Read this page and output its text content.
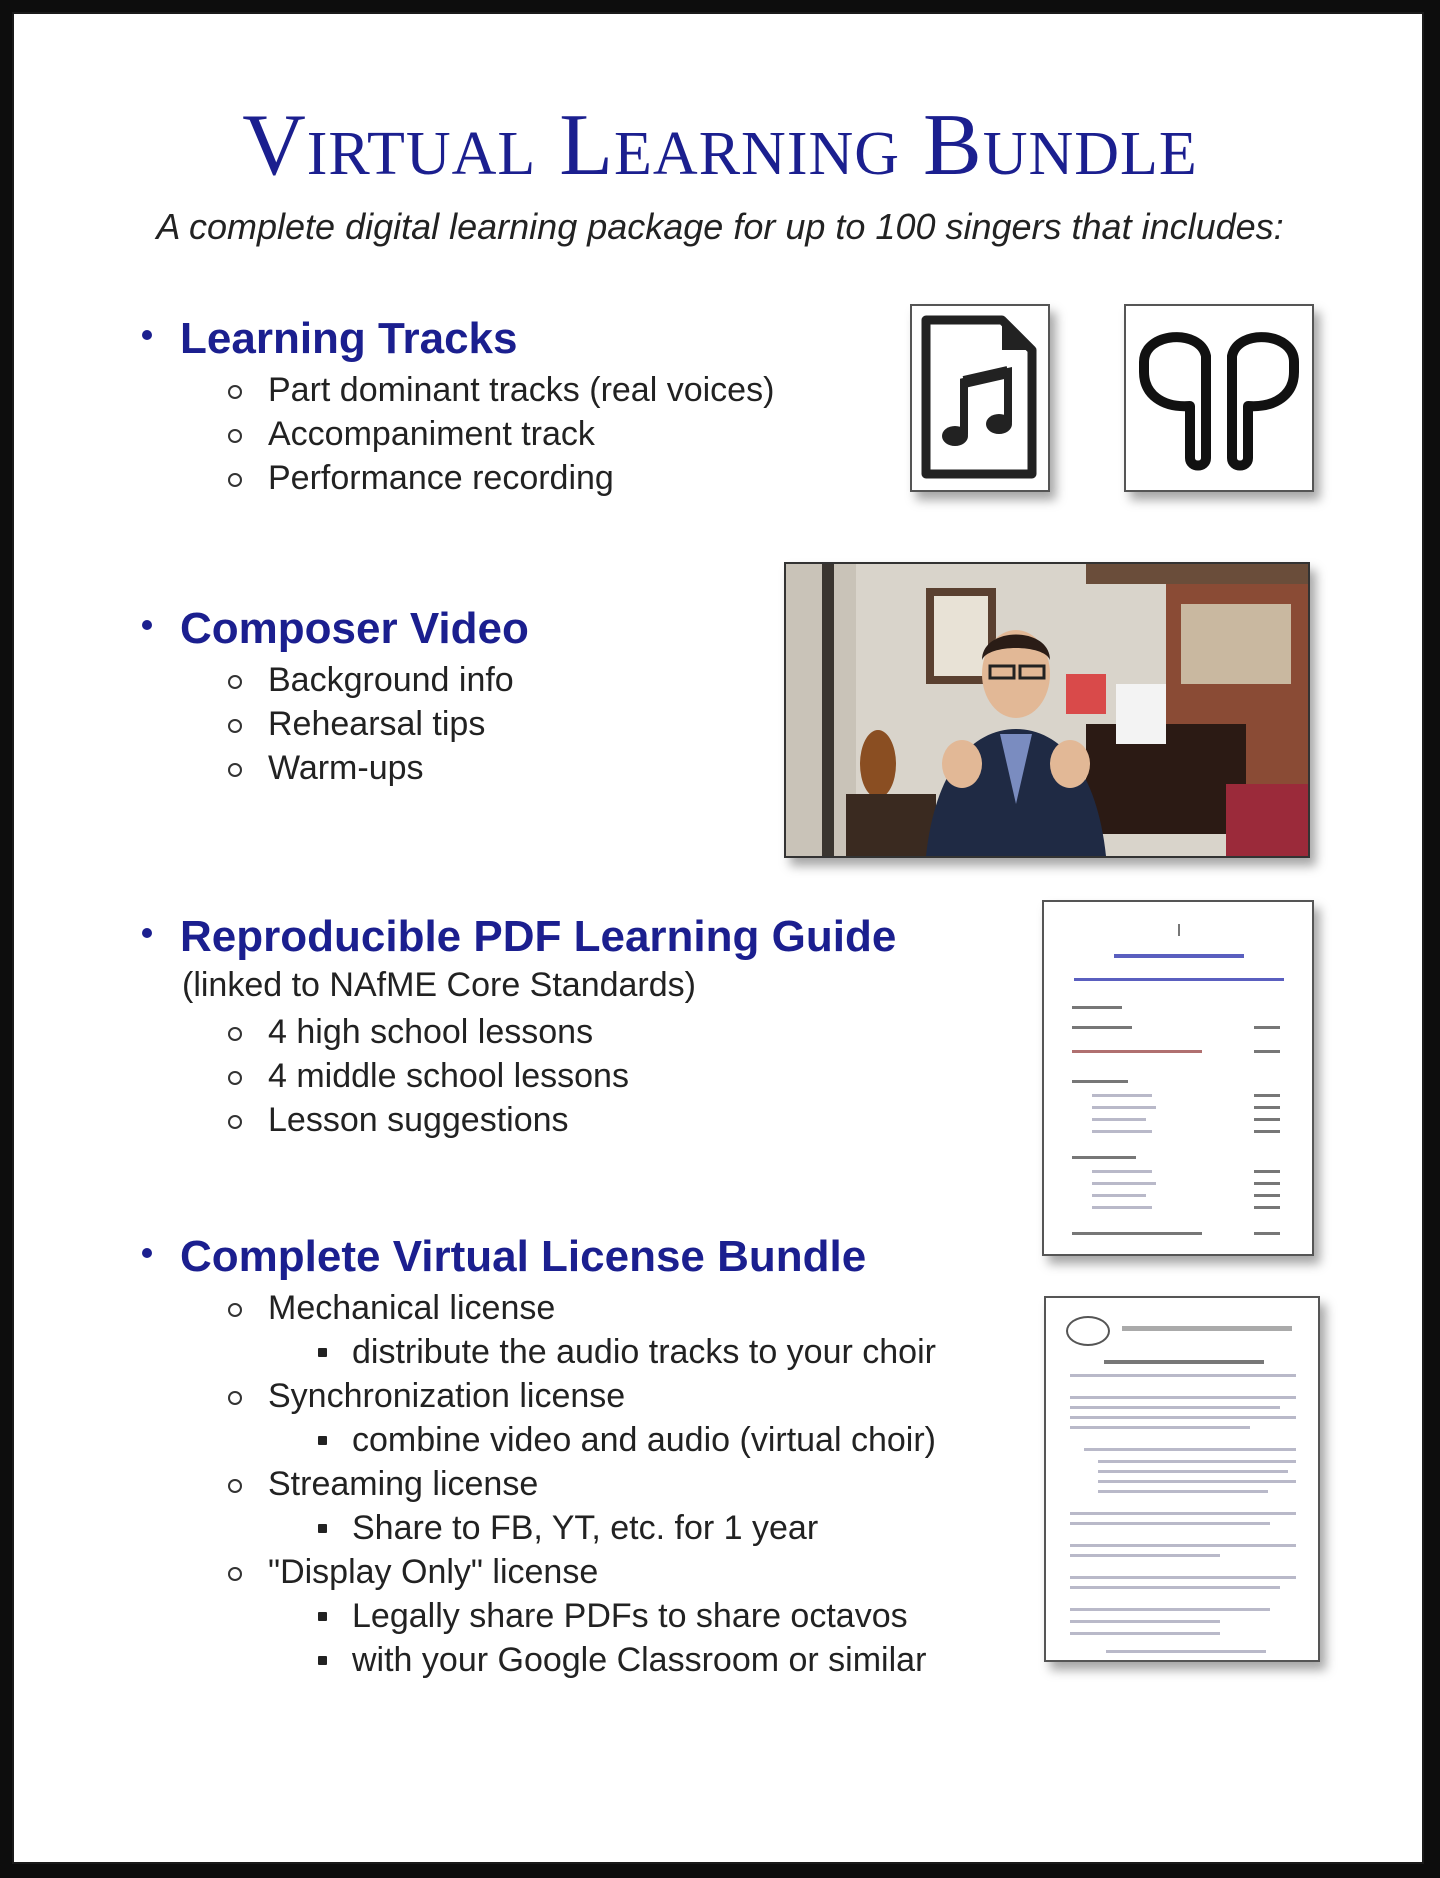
Virtual Learning Bundle
A complete digital learning package for up to 100 singers that includes:
Learning Tracks
Part dominant tracks (real voices)
Accompaniment track
Performance recording
Composer Video
Background info
Rehearsal tips
Warm-ups
Reproducible PDF Learning Guide
(linked to NAfME Core Standards)
4 high school lessons
4 middle school lessons
Lesson suggestions
Complete Virtual License Bundle
Mechanical license
distribute the audio tracks to your choir
Synchronization license
combine video and audio (virtual choir)
Streaming license
Share to FB, YT, etc. for 1 year
"Display Only" license
Legally share PDFs to share octavos
with your Google Classroom or similar
